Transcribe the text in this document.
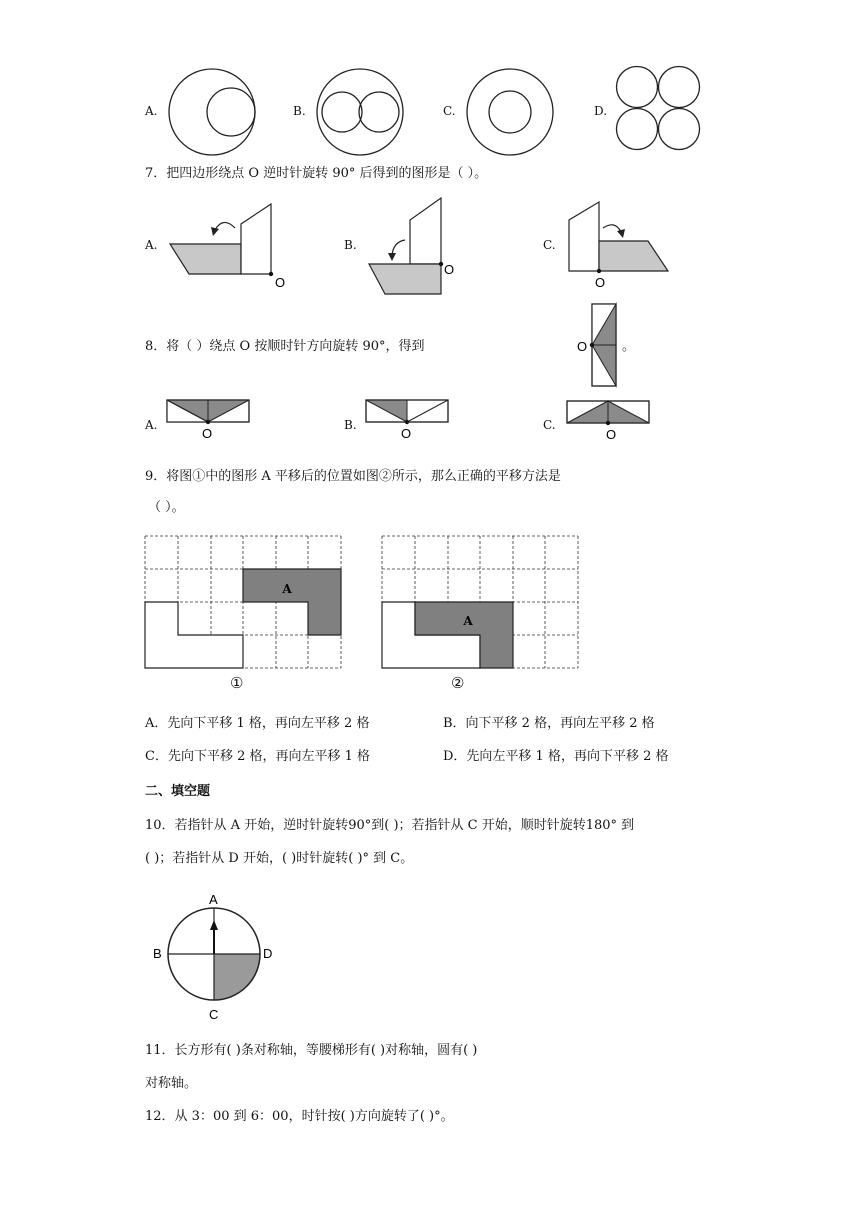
A.	B.	C.	D.
7．把四边形绕点 O 逆时针旋转 90° 后得到的图形是（ ）。
A.
O
B.
O
C.
O
8．将（ ）绕点 O 按顺时针方向旋转 90°，得到	O	。
A.
O
B.
O
C.
O
9．将图①中的图形 A 平移后的位置如图②所示，那么正确的平移方法是
（ ）。
A
①
A
②
A．先向下平移 1 格，再向左平移 2 格	B．向下平移 2 格，再向左平移 2 格
C．先向下平移 2 格，再向左平移 1 格	D．先向左平移 1 格，再向下平移 2 格
二、填空题
10．若指针从 A 开始，逆时针旋转90°到( )；若指针从 C 开始，顺时针旋转180° 到
( )；若指针从 D 开始，( )时针旋转( )° 到 C。
A
B
C
D
11．长方形有( )条对称轴，等腰梯形有( )对称轴，圆有( )
对称轴。
12．从 3：00 到 6：00，时针按( )方向旋转了( )°。
